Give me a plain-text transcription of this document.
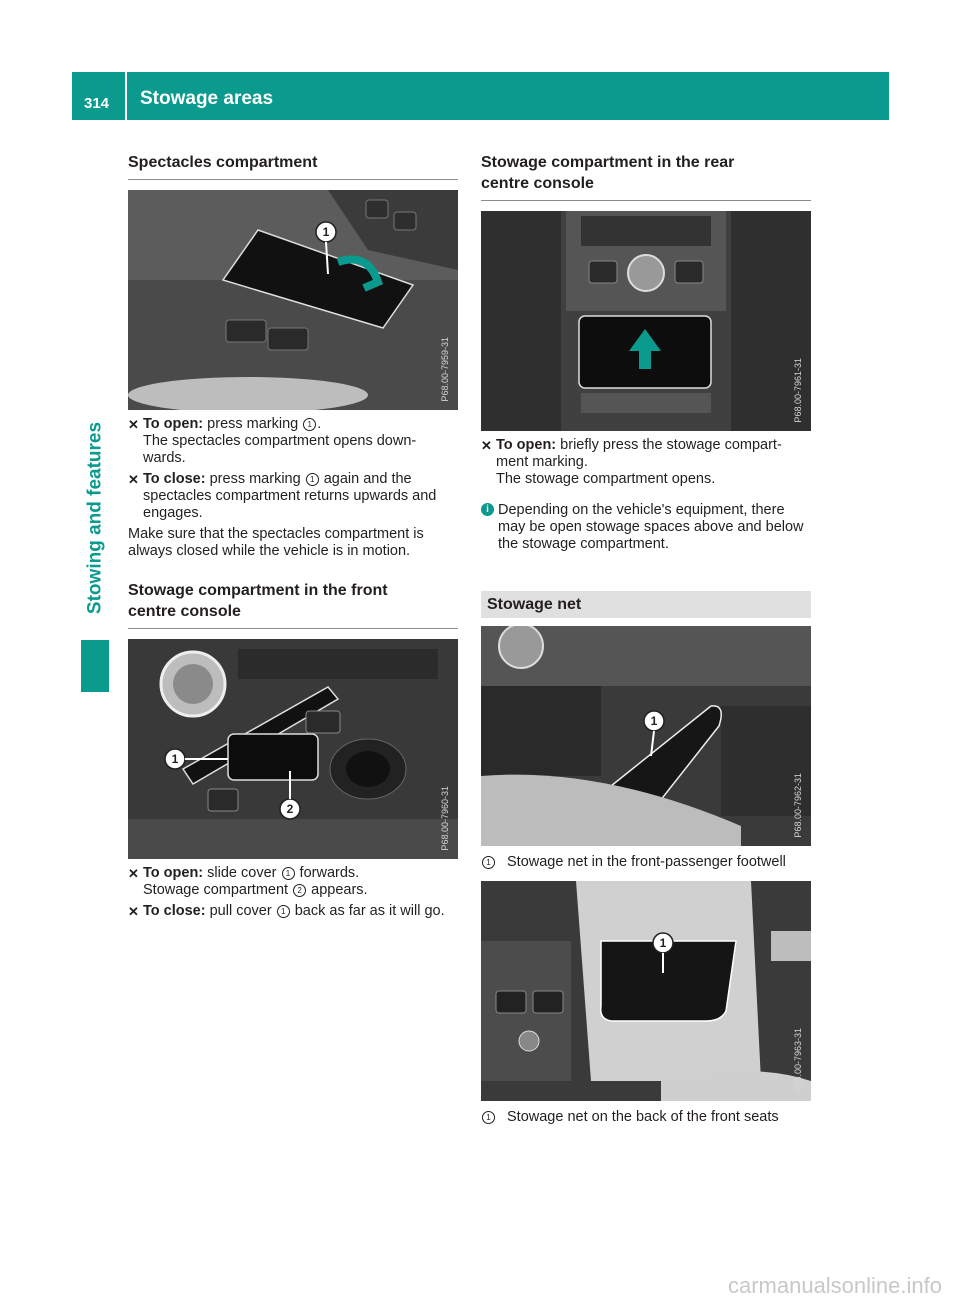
314 Stowage areas
Stowing and features
Spectacles compartment
1
P68.00-7959-31
✕ To open: press marking 1 .
The spectacles compartment opens down-wards.
✕ To close: press marking 1 again and the spectacles compartment returns upwards and engages.

Make sure that the spectacles compartment is always closed while the vehicle is in motion.

Stowage compartment in the front
centre console
1
2	P68.00-7960-31
✕ To open: slide cover 1 forwards.
Stowage compartment 2 appears.
✕ To close: pull cover 1 back as far as it will go.
Stowage compartment in the rear
centre console
P68.00-7961-31
✕ To open: briefly press the stowage compart-ment marking.
The stowage compartment opens.
i Depending on the vehicle's equipment, there may be open stowage spaces above and below the stowage compartment.
Stowage net
1
P68.00-7962-31
1 Stowage net in the front-passenger footwell
1
P68.00-7963-31
1 Stowage net on the back of the front seats
carmanualsonline.info
